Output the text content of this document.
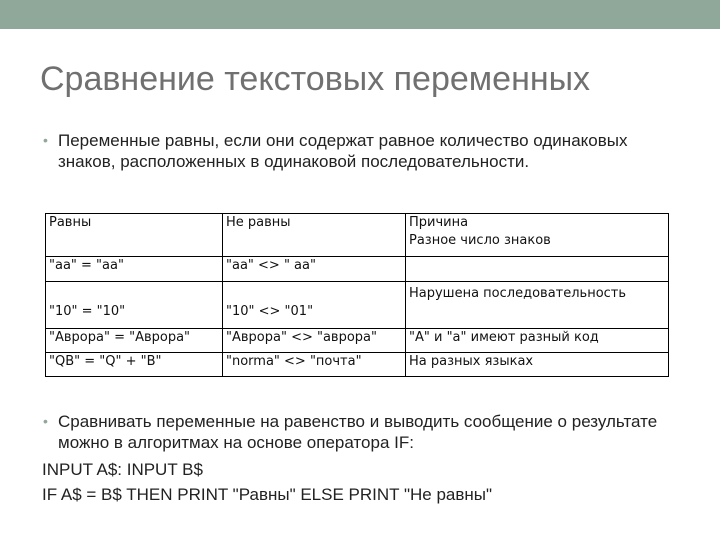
Сравнение текстовых переменных
• Переменные равны, если они содержат равное количество одинаковых знаков, расположенных в одинаковой последовательности.
Равны	Не равны	Причина
Разное число знаков

"аа" = "аа"	"аа" <> " аа"	

"10" = "10"	"10" <> "01"	Нарушена последовательность

"Аврора" = "Аврора"	"Аврора" <> "аврора"	"А" и "а" имеют разный код

"QB" = "Q" + "B"	"norma" <> "почта"	На разных языках
• Сравнивать переменные на равенство и выводить сообщение о результате можно в алгоритмах на основе оператора IF:
INPUT A$: INPUT B$
IF A$ = B$ THEN PRINT "Равны" ELSE PRINT "Не равны"
